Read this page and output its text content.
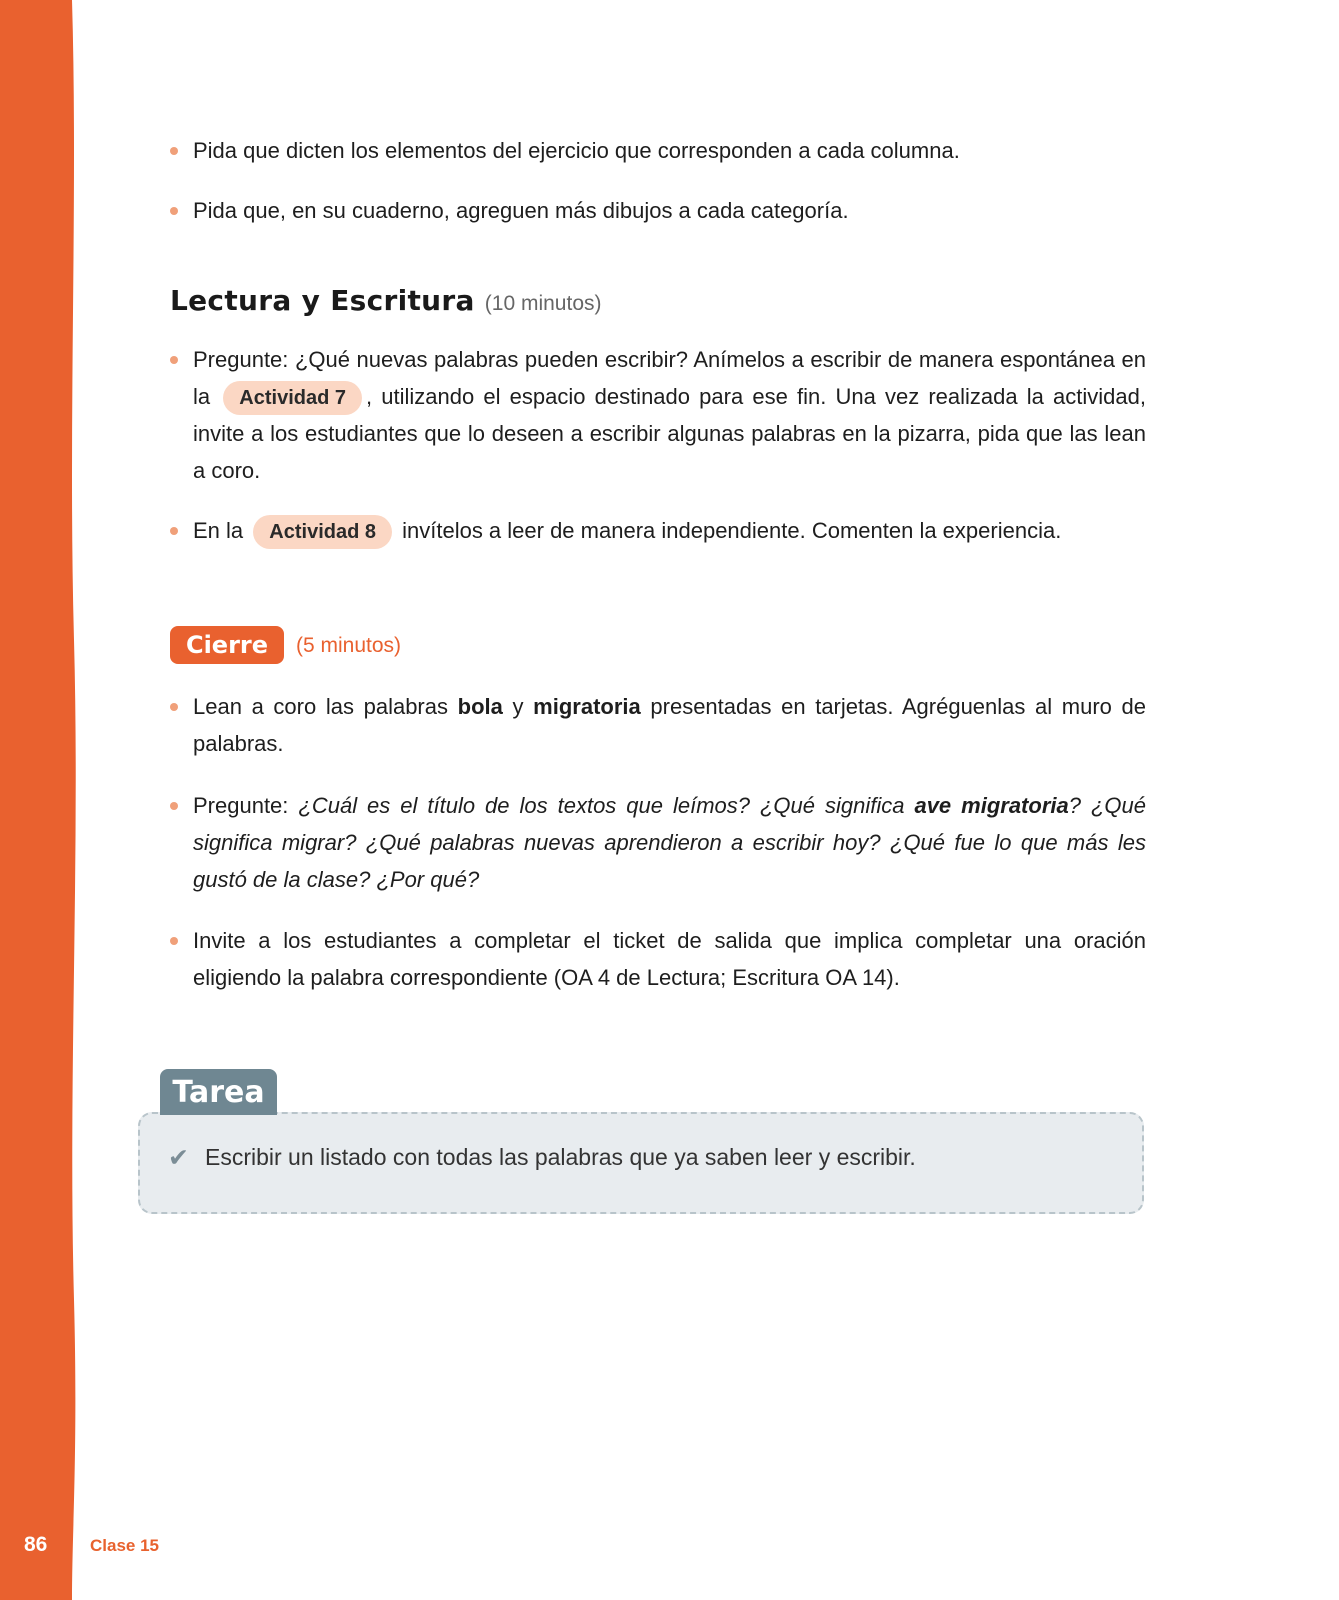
86	Clase 15
Pida que dicten los elementos del ejercicio que corresponden a cada columna.
Pida que, en su cuaderno, agreguen más dibujos a cada categoría.
Lectura y Escritura (10 minutos)
Pregunte: ¿Qué nuevas palabras pueden escribir? Anímelos a escribir de manera espontánea en la Actividad 7 , utilizando el espacio destinado para ese fin. Una vez realizada la actividad, invite a los estudiantes que lo deseen a escribir algunas palabras en la pizarra, pida que las lean a coro.
En la Actividad 8 invítelos a leer de manera independiente. Comenten la experiencia.
Cierre	(5 minutos)
Lean a coro las palabras bola y migratoria presentadas en tarjetas. Agréguenlas al muro de palabras.
Pregunte: ¿Cuál es el título de los textos que leímos? ¿Qué significa ave migratoria? ¿Qué significa migrar? ¿Qué palabras nuevas aprendieron a escribir hoy? ¿Qué fue lo que más les gustó de la clase? ¿Por qué?
Invite a los estudiantes a completar el ticket de salida que implica completar una oración eligiendo la palabra correspondiente (OA 4 de Lectura; Escritura OA 14).
✔ Escribir un listado con todas las palabras que ya saben leer y escribir.
Tarea
